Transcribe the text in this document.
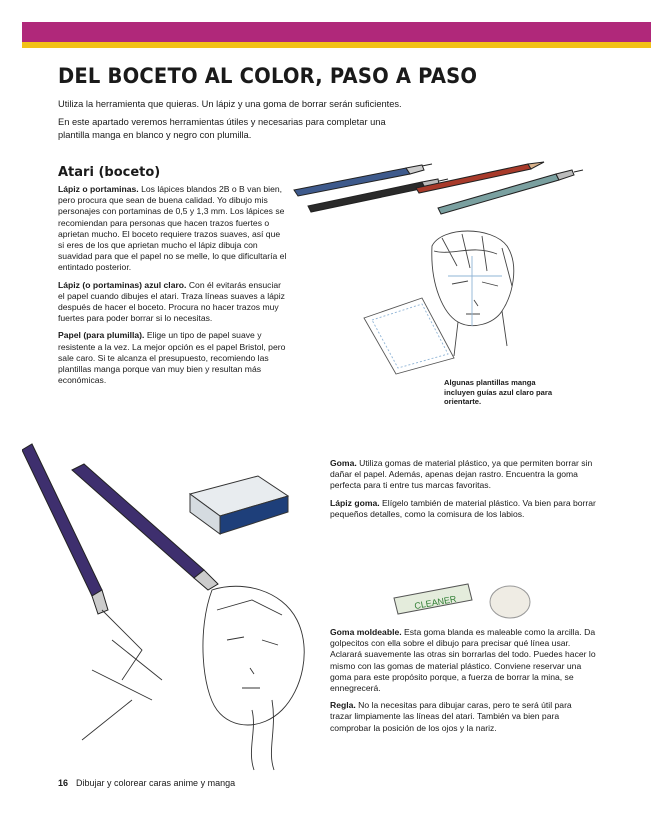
DEL BOCETO AL COLOR, PASO A PASO
Utiliza la herramienta que quieras. Un lápiz y una goma de borrar serán suficientes.
En este apartado veremos herramientas útiles y necesarias para completar una plantilla manga en blanco y negro con plumilla.
Atari (boceto)

Lápiz o portaminas. Los lápices blandos 2B o B van bien, pero procura que sean de buena calidad. Yo dibujo mis personajes con portaminas de 0,5 y 1,3 mm. Los lápices se recomiendan para personas que hacen trazos fuertes o aprietan mucho. El boceto requiere trazos suaves, así que si eres de los que aprietan mucho el lápiz dibuja con suavidad para que el papel no se melle, lo que dificultaría el entintado posterior.

Lápiz (o portaminas) azul claro. Con él evitarás ensuciar el papel cuando dibujes el atari. Traza líneas suaves a lápiz después de hacer el boceto. Procura no hacer trazos muy fuertes para poder borrar si lo necesitas.

Papel (para plumilla). Elige un tipo de papel suave y resistente a la vez. La mejor opción es el papel Bristol, pero sale caro. Si te alcanza el presupuesto, recomiendo las plantillas manga porque van muy bien y resultan más económicas.	Algunas plantillas manga incluyen guías azul claro para orientarte.

Goma. Utiliza gomas de material plástico, ya que permiten borrar sin dañar el papel. Además, apenas dejan rastro. Encuentra la goma perfecta para ti entre tus marcas favoritas.

Lápiz goma. Elígelo también de material plástico. Va bien para borrar pequeños detalles, como la comisura de los labios.

CLEANER

Goma moldeable. Esta goma blanda es maleable como la arcilla. Da golpecitos con ella sobre el dibujo para precisar qué línea usar. Aclarará suavemente las otras sin borrarlas del todo. Puedes hacer lo mismo con las gomas de material plástico. Conviene reservar una goma para este propósito porque, a fuerza de borrar la mina, se ennegrecerá.

Regla. No la necesitas para dibujar caras, pero te será útil para trazar limpiamente las líneas del atari. También va bien para comprobar la posición de los ojos y la nariz.

16 Dibujar y colorear caras anime y manga
